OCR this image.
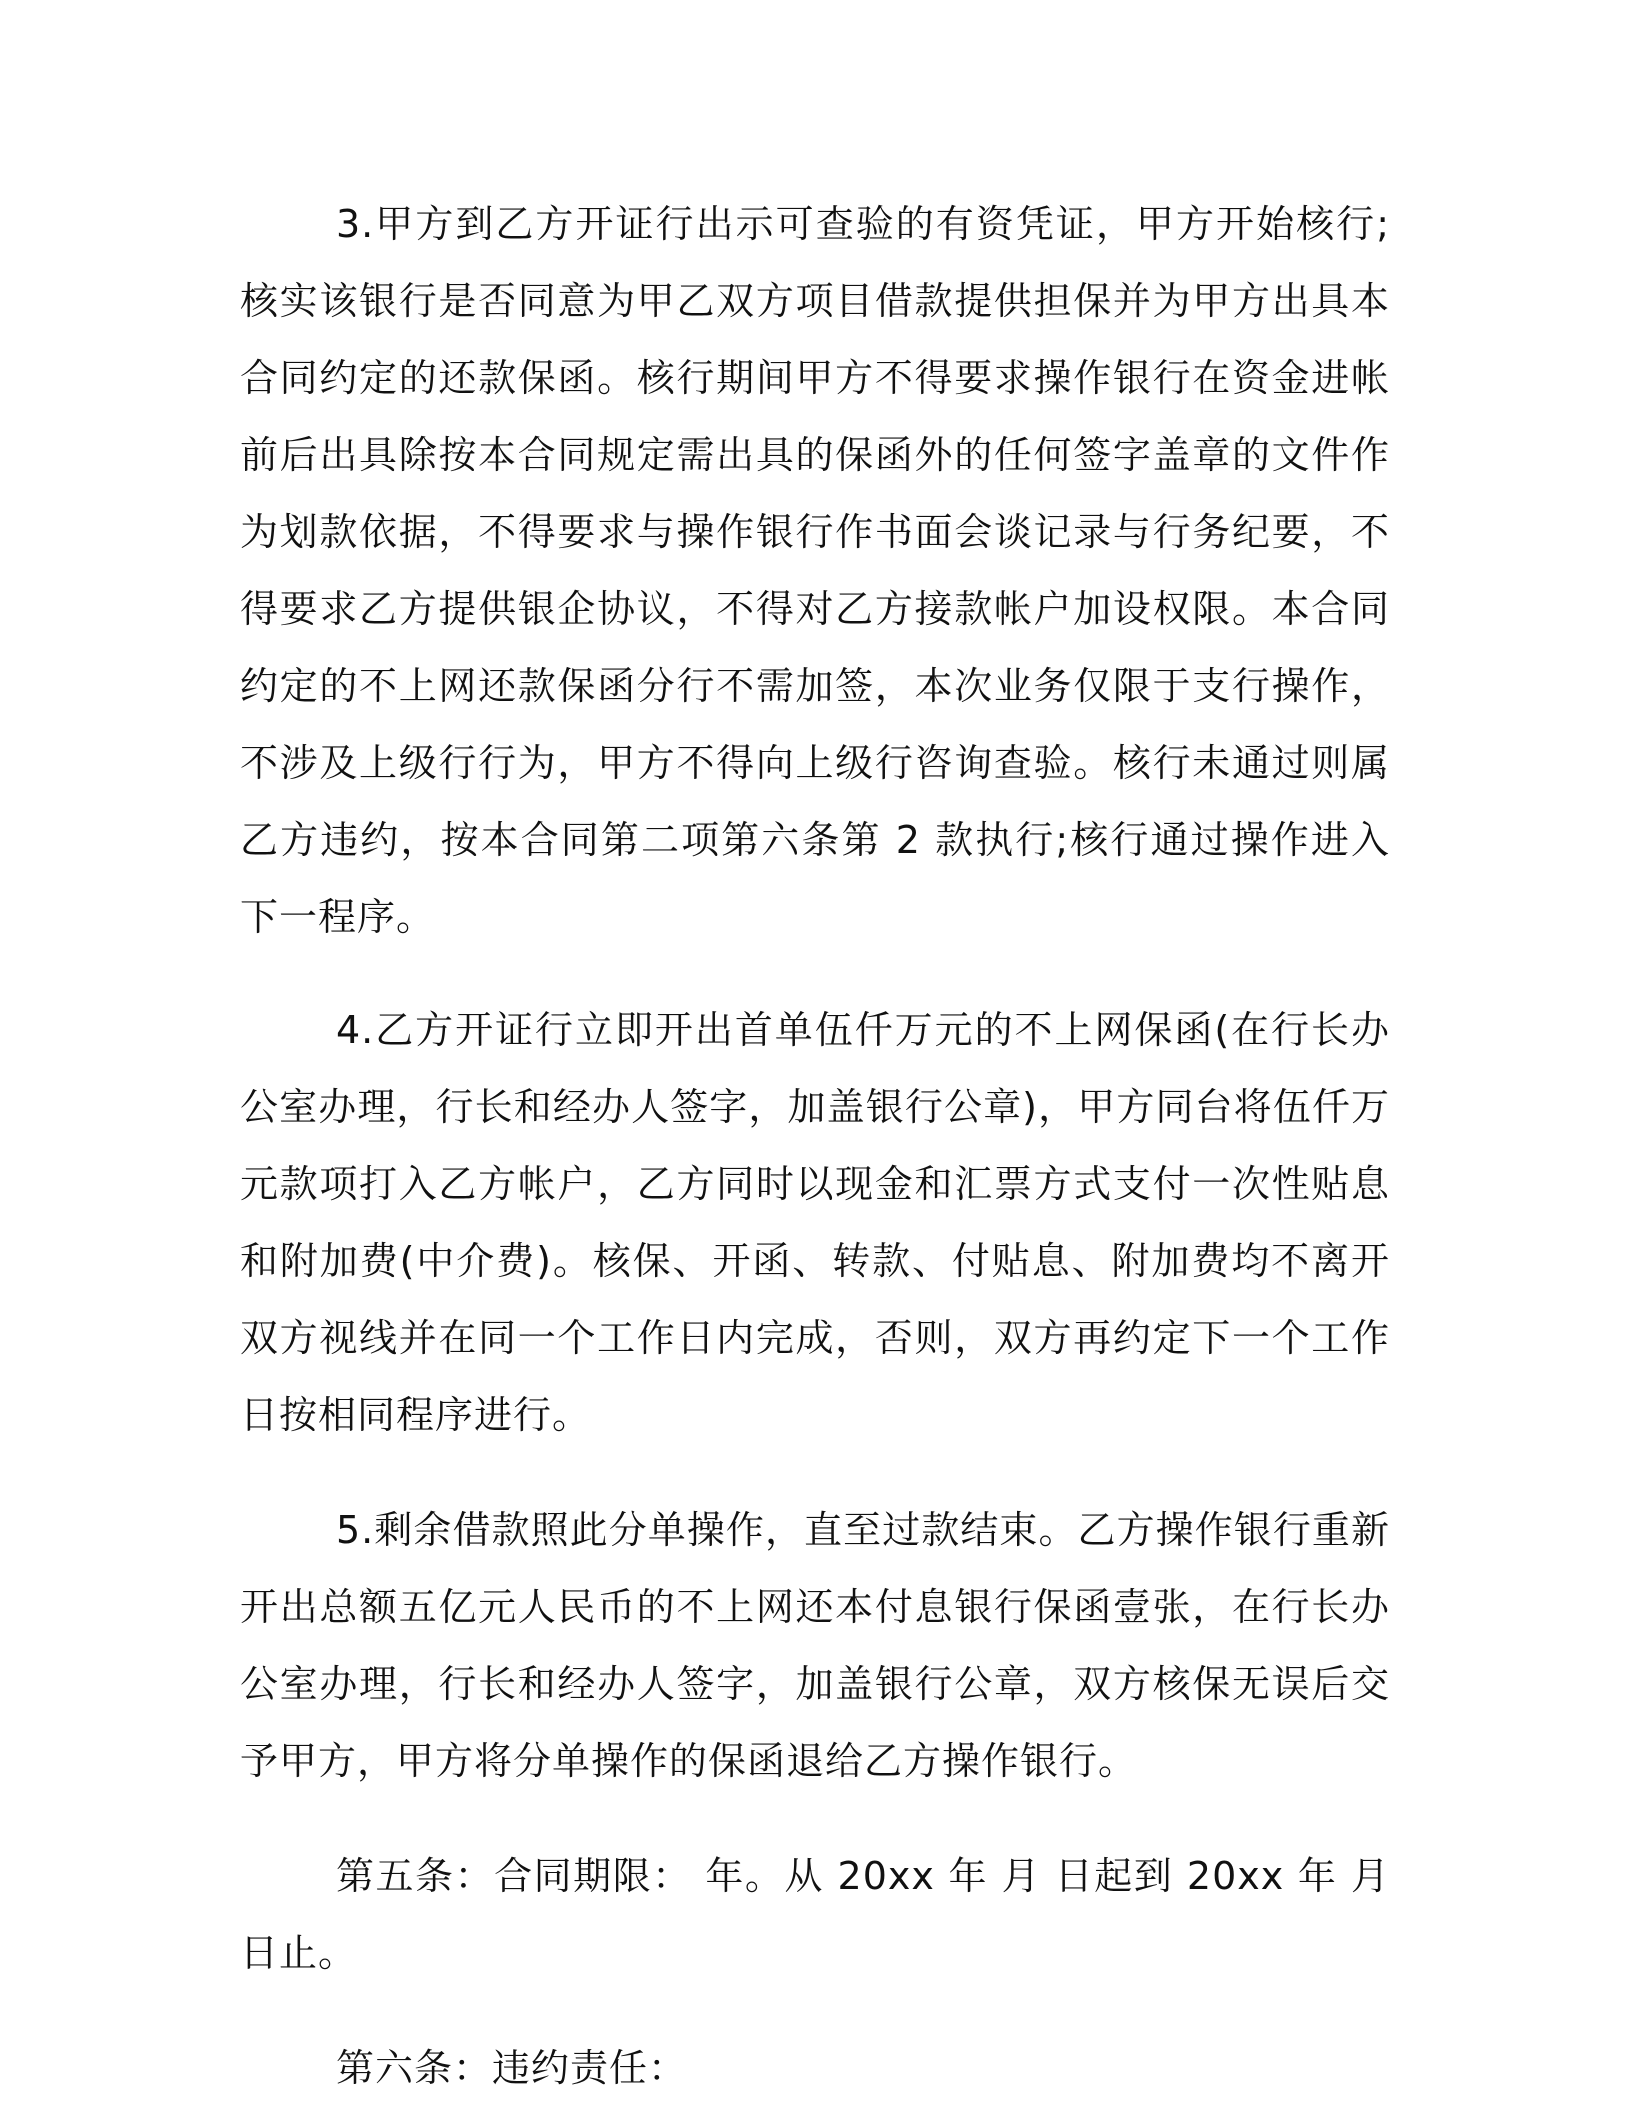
3.甲方到乙方开证行出示可查验的有资凭证，甲方开始核行;核实该银行是否同意为甲乙双方项目借款提供担保并为甲方出具本合同约定的还款保函。核行期间甲方不得要求操作银行在资金进帐前后出具除按本合同规定需出具的保函外的任何签字盖章的文件作为划款依据，不得要求与操作银行作书面会谈记录与行务纪要，不得要求乙方提供银企协议，不得对乙方接款帐户加设权限。本合同约定的不上网还款保函分行不需加签，本次业务仅限于支行操作，不涉及上级行行为，甲方不得向上级行咨询查验。核行未通过则属乙方违约，按本合同第二项第六条第 2 款执行;核行通过操作进入下一程序。

4.乙方开证行立即开出首单伍仟万元的不上网保函(在行长办公室办理，行长和经办人签字，加盖银行公章)，甲方同台将伍仟万元款项打入乙方帐户，乙方同时以现金和汇票方式支付一次性贴息和附加费(中介费)。核保、开函、转款、付贴息、附加费均不离开双方视线并在同一个工作日内完成，否则，双方再约定下一个工作日按相同程序进行。

5.剩余借款照此分单操作，直至过款结束。乙方操作银行重新开出总额五亿元人民币的不上网还本付息银行保函壹张，在行长办公室办理，行长和经办人签字，加盖银行公章，双方核保无误后交予甲方，甲方将分单操作的保函退给乙方操作银行。

第五条：合同期限： 年。从 20xx 年 月 日起到 20xx 年 月 日止。

第六条：违约责任：
